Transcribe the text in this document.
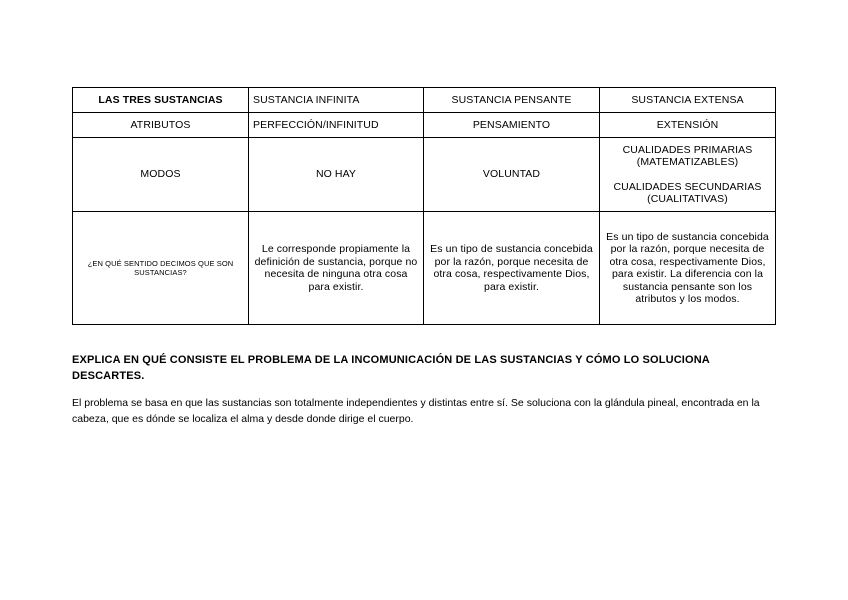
LAS TRES SUSTANCIAS	SUSTANCIA INFINITA	SUSTANCIA PENSANTE	SUSTANCIA EXTENSA
ATRIBUTOS	PERFECCIÓN/INFINITUD	PENSAMIENTO	EXTENSIÓN
MODOS	NO HAY	VOLUNTAD	CUALIDADES PRIMARIAS (MATEMATIZABLES)
CUALIDADES SECUNDARIAS (CUALITATIVAS)
¿EN QUÉ SENTIDO DECIMOS QUE SON SUSTANCIAS?	Le corresponde propiamente la definición de sustancia, porque no necesita de ninguna otra cosa para existir.	Es un tipo de sustancia concebida por la razón, porque necesita de otra cosa, respectivamente Dios, para existir.	Es un tipo de sustancia concebida por la razón, porque necesita de otra cosa, respectivamente Dios, para existir. La diferencia con la sustancia pensante son los atributos y los modos.
EXPLICA EN QUÉ CONSISTE EL PROBLEMA DE LA INCOMUNICACIÓN DE LAS SUSTANCIAS Y CÓMO LO SOLUCIONA DESCARTES.
El problema se basa en que las sustancias son totalmente independientes y distintas entre sí. Se soluciona con la glándula pineal, encontrada en la cabeza, que es dónde se localiza el alma y desde donde dirige el cuerpo.
